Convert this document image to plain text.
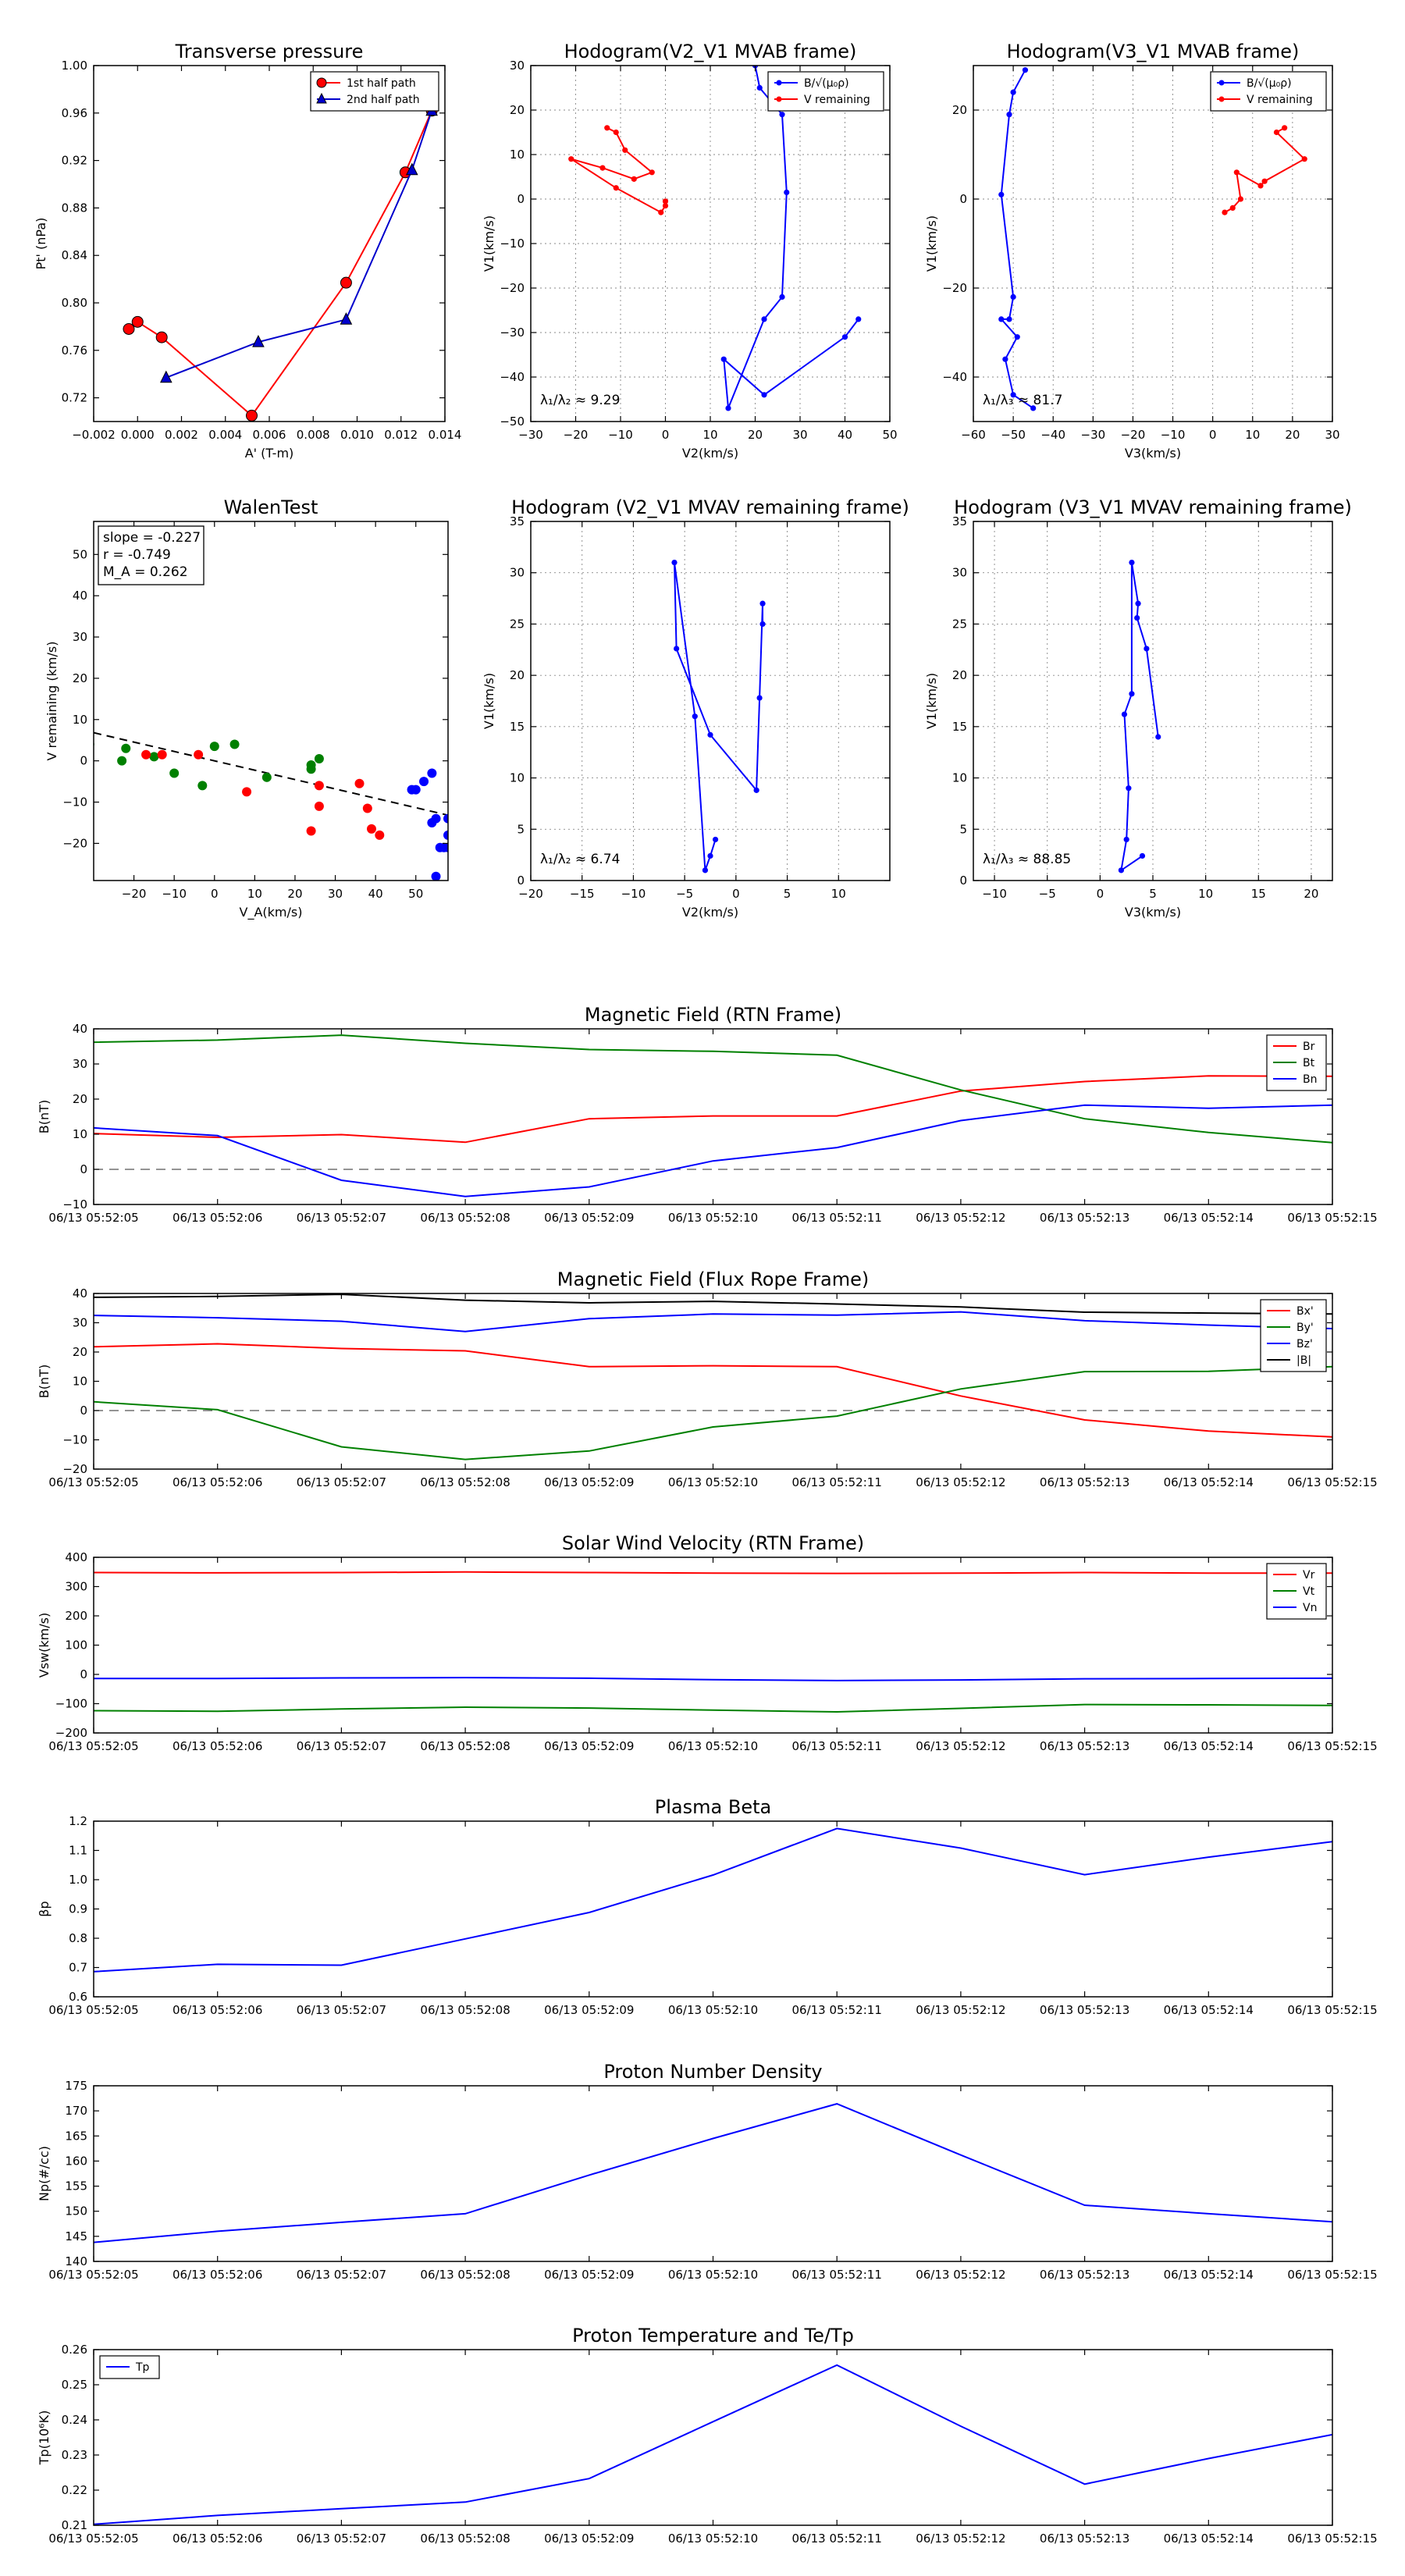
−0.002 0.000 0.002 0.004 0.006 0.008 0.010 0.012 0.014
0.72
0.76
0.80
0.84
0.88
0.92
0.96
1.00
Transverse pressure
A' (T-m)
Pt' (nPa)
1st half path
2nd half path
−30 −20 −10 0	10	20	30	40	50
−50
−40
−30
−20
−10
0
10
20
30
Hodogram(V2_V1 MVAB frame)
V2(km/s)
V1(km/s)
λ₁/λ₂ ≈ 9.29
B/√(μ₀ρ)
V remaining
−60 −50 −40 −30 −20 −10 0 10 20 30
−40
−20
0
20
Hodogram(V3_V1 MVAB frame)
V3(km/s)
V1(km/s)
λ₁/λ₃ ≈ 81.7
B/√(μ₀ρ)
V remaining
−20 −10 0 10 20 30 40 50
−20
−10
0
10
20
30
40
50
WalenTest
V_A(km/s)
V remaining (km/s)
slope = -0.227
r = -0.749
M_A = 0.262
−20 −15 −10	−5	0	5	10
0
5
10
15
20
25
30
35
Hodogram (V2_V1 MVAV remaining frame)
V2(km/s)
V1(km/s)
λ₁/λ₂ ≈ 6.74
−10	−5	0	5	10	15	20
0
5
10
15
20
25
30
35
Hodogram (V3_V1 MVAV remaining frame)
V3(km/s)
V1(km/s)
λ₁/λ₃ ≈ 88.85
06/13 05:52:05	06/13 05:52:06	06/13 05:52:07	06/13 05:52:08	06/13 05:52:09	06/13 05:52:10	06/13 05:52:11	06/13 05:52:12	06/13 05:52:13	06/13 05:52:14	06/13 05:52:15
−10
0
10
20
30
40
Magnetic Field (RTN Frame)
B(nT)
Br
Bt
Bn
06/13 05:52:05	06/13 05:52:06	06/13 05:52:07	06/13 05:52:08	06/13 05:52:09	06/13 05:52:10	06/13 05:52:11	06/13 05:52:12	06/13 05:52:13	06/13 05:52:14	06/13 05:52:15
−20
−10
0
10
20
30
40
Magnetic Field (Flux Rope Frame)
B(nT)
Bx'
By'
Bz'
|B|
06/13 05:52:05	06/13 05:52:06	06/13 05:52:07	06/13 05:52:08	06/13 05:52:09	06/13 05:52:10	06/13 05:52:11	06/13 05:52:12	06/13 05:52:13	06/13 05:52:14	06/13 05:52:15
−200
−100
0
100
200
300
400
Solar Wind Velocity (RTN Frame)
Vsw(km/s)
Vr
Vt
Vn
06/13 05:52:05	06/13 05:52:06	06/13 05:52:07	06/13 05:52:08	06/13 05:52:09	06/13 05:52:10	06/13 05:52:11	06/13 05:52:12	06/13 05:52:13	06/13 05:52:14	06/13 05:52:15
0.6
0.7
0.8
0.9
1.0
1.1
1.2
Plasma Beta
βp
06/13 05:52:05	06/13 05:52:06	06/13 05:52:07	06/13 05:52:08	06/13 05:52:09	06/13 05:52:10	06/13 05:52:11	06/13 05:52:12	06/13 05:52:13	06/13 05:52:14	06/13 05:52:15
140
145
150
155
160
165
170
175
Proton Number Density
Np(#/cc)
06/13 05:52:05	06/13 05:52:06	06/13 05:52:07	06/13 05:52:08	06/13 05:52:09	06/13 05:52:10	06/13 05:52:11	06/13 05:52:12	06/13 05:52:13	06/13 05:52:14	06/13 05:52:15
0.21
0.22
0.23
0.24
0.25
0.26
Proton Temperature and Te/Tp
Tp(10⁶K)
Tp
